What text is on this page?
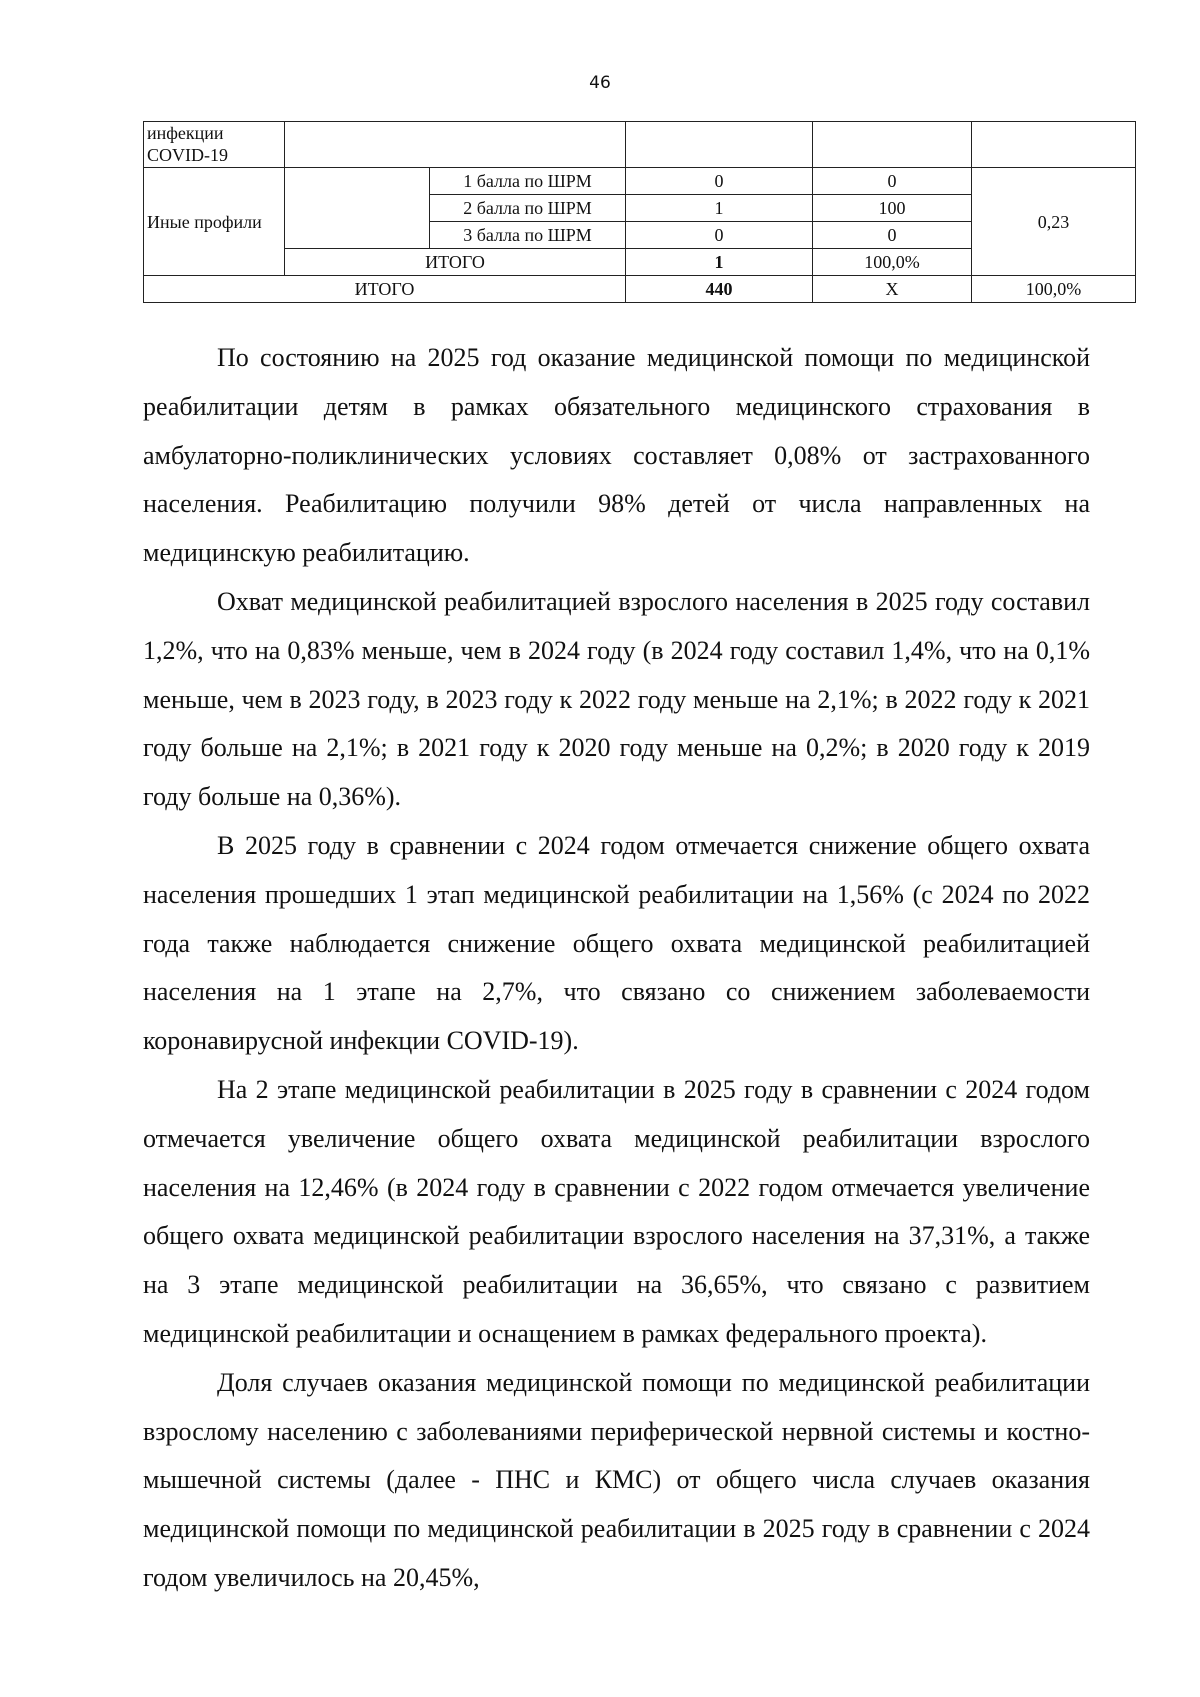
46
инфекции COVID-19					
Иные профили		1 балла по ШРМ	0	0	0,23
		2 балла по ШРМ	1	100	
		3 балла по ШРМ	0	0	
	ИТОГО		1	100,0%	
ИТОГО			440	Х	100,0%

По состоянию на 2025 год оказание медицинской помощи по медицинской реабилитации детям в рамках обязательного медицинского страхования в амбулаторно-поликлинических условиях составляет 0,08% от застрахованного населения. Реабилитацию получили 98% детей от числа направленных на медицинскую реабилитацию.

Охват медицинской реабилитацией взрослого населения в 2025 году составил 1,2%, что на 0,83% меньше, чем в 2024 году (в 2024 году составил 1,4%, что на 0,1% меньше, чем в 2023 году, в 2023 году к 2022 году меньше на 2,1%; в 2022 году к 2021 году больше на 2,1%; в 2021 году к 2020 году меньше на 0,2%; в 2020 году к 2019 году больше на 0,36%).

В 2025 году в сравнении с 2024 годом отмечается снижение общего охвата населения прошедших 1 этап медицинской реабилитации на 1,56% (с 2024 по 2022 года также наблюдается снижение общего охвата медицинской реабилитацией населения на 1 этапе на 2,7%, что связано со снижением заболеваемости коронавирусной инфекции COVID-19).

На 2 этапе медицинской реабилитации в 2025 году в сравнении с 2024 годом отмечается увеличение общего охвата медицинской реабилитации взрослого населения на 12,46% (в 2024 году в сравнении с 2022 годом отмечается увеличение общего охвата медицинской реабилитации взрослого населения на 37,31%, а также на 3 этапе медицинской реабилитации на 36,65%, что связано с развитием медицинской реабилитации и оснащением в рамках федерального проекта).

Доля случаев оказания медицинской помощи по медицинской реабилитации взрослому населению с заболеваниями периферической нервной системы и костно-мышечной системы (далее - ПНС и КМС) от общего числа случаев оказания медицинской помощи по медицинской реабилитации в 2025 году в сравнении с 2024 годом увеличилось на 20,45%,
